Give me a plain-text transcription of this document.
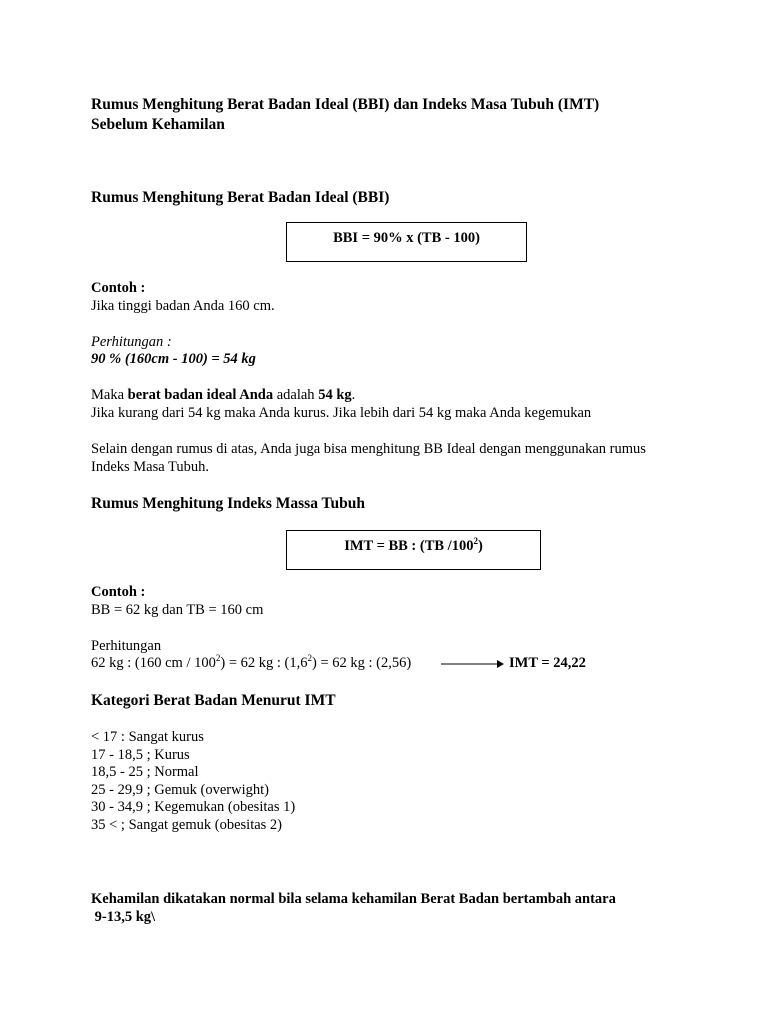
Rumus Menghitung Berat Badan Ideal (BBI) dan Indeks Masa Tubuh (IMT)
Sebelum Kehamilan
Rumus Menghitung Berat Badan Ideal (BBI)
BBI = 90% x (TB - 100)
Contoh :
Jika tinggi badan Anda 160 cm.
Perhitungan :
90 % (160cm - 100) = 54 kg
Maka berat badan ideal Anda adalah 54 kg.
Jika kurang dari 54 kg maka Anda kurus. Jika lebih dari 54 kg maka Anda kegemukan
Selain dengan rumus di atas, Anda juga bisa menghitung BB Ideal dengan menggunakan rumus
Indeks Masa Tubuh.
Rumus Menghitung Indeks Massa Tubuh
IMT = BB : (TB $/100^2$)
Contoh :
BB = 62 kg dan TB = 160 cm
Perhitungan
62 kg : (160 cm / $100^2) = 62$ kg : $(1,6^2) = 62$ kg : (2,56)	IMT = 24,22
Kategori Berat Badan Menurut IMT
< 17 : Sangat kurus
17 - 18,5 ; Kurus
18,5 - 25 ; Normal
25 - 29,9 ; Gemuk (overwight)
30 - 34,9 ; Kegemukan (obesitas 1)
35 < ; Sangat gemuk (obesitas 2)
Kehamilan dikatakan normal bila selama kehamilan Berat Badan bertambah antara
9-13,5 kg\
